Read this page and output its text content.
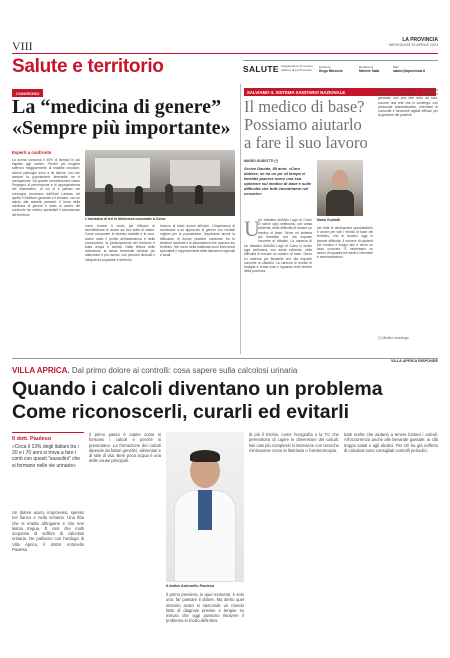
VIII	LA PROVINCIA
MERCOLEDÌ 19 APRILE 2023
Salute e territorio	SALUTE Supplemento al numero odierno di La Provincia
Direttore
Diego Minonzio
Redazione
Michele Sada
Mail
salute@laprovincia.it
CONVEGNO
La “medicina di genere”
«Sempre più importante»
Esperti a confronto
La donna consuma il 40% di farmaci in più rispetto agli uomini. Perché più longeve soffrono maggiormente di malattie croniche, alcune patologie sono a lei tipiche, ma non sempre la popolazione femminile ne è consapevole. Da queste considerazioni nasce l'impegno di prevenzione e di appropriatezza nel trattamento, di cui si è parlato nel convegno promosso dall'Asst Lariana. Ad aprirlo il Direttore generale e il sindaco, con un saluto alle autorità presenti. Il tema della medicina di genere è stato al centro del confronto tra medici, specialisti e associazioni del territorio.
L'iniziativa di ieri in biblioteca comunale a Como
come trovare il modo più efficace di sensibilizzare le donne sul loro stato di salute. Come conoscere le diverse malattie e le cure, anche sotto il profilo dell'assistenza e della prevenzione, la partecipazione del territorio è stata ampia e sentita. Dalla lettura delle indicazioni, la salute femminile richiede più attenzione e più risorse, con percorsi dedicati e integrati tra ospedale e territorio.
fotocon di tanto dolore all'inizio. L'importanza di avvicinarsi a un approccio di genere con risultati migliori per la popolazione. Importante anche la diffusione di buone pratiche condivise tra le strutture sanitarie e le associazioni che operano sul territorio. Nel corso della mattinata sono intervenuti specialisti e rappresentanti delle istituzioni regionali e locali.
SALVIAMO IL SISTEMA SANITARIO NAZIONALE
Il medico di base?
Possiamo aiutarlo
a fare il suo lavoro
MARIO GUIDOTTI (*)
Scrive Davide, 59 anni: «Caro dottore, se ha un po' di tempo ci farebbe piacere avere una sua opinione sul medico di base e sulle difficoltà che tutti incontriamo nel cercarlo»
U
Un cittadino dell'Alto Lago di Como ci scrive ogni settimana, con ansia evidente, della difficoltà di trovare un medico di base. Serve un sistema più flessibile che dia risposte concrete ai cittadini. La carenza di
Un cittadino dell'Alto Lago di Como ci scrive ogni settimana, con ansia evidente, della difficoltà di trovare un medico di base. Serve un sistema più flessibile che dia risposte concrete ai cittadini. La carenza di medici di famiglia è ormai nota e riguarda molti territori della provincia.
Mario Guidotti
per tutte le declinazioni specialistiche e anche per tutti i medici di base del territorio, che si trovano oggi in grande difficoltà. Il numero di pazienti per medico è troppo alto e serve un aiuto concreto. È necessario un lavoro di squadra tra medici, infermieri e amministrazioni.
Uno tanto del contributo dei medici in questi anni. Il medico di medicina generale non può fare tutto da solo: occorre una rete che lo sostenga, con personale amministrativo, infermieri di comunità e strumenti digitali efficaci per la gestione dei pazienti.
(*) Medico neurologo
VILLA APRICA RISPONDE
VILLA APRICA. Dal primo dolore ai controlli: cosa sapere sulla calcolosi urinaria
Quando i calcoli diventano un problema
Come riconoscerli, curarli ed evitarli
Il dott. Pauleso
«Circa il 13% degli italiani tra i 20 e i 70 anni si trova a fare i conti con questi “sassolini” che si formano nelle vie urinarie»
Un dolore acuto, improvviso, spesso nel fianco e nella schiena. Una fitta che si irradia all'inguine e che non lascia tregua. È così che molti scoprono di soffrire di calcolosi urinaria. Ne parliamo con l'urologo di Villa Aprica, il dottor Antonello Pauleso.
Il primo passo è capire come si formano i calcoli e perché si presentano. La formazione dei calcoli dipende da fattori genetici, alimentari e di stile di vita. Bere poca acqua è una delle cause principali.
Il dottor Antonello Pauleso
Il primo pensiero, in quei momenti, è solo uno: far passare il dolore. Ma dietro quel sintomo acuto si nasconde un mondo fatto di diagnosi precise e terapie su misura che oggi possono risolvere il problema in modo definitivo.
di più il rischio, come l'ecografia o la TC che permettono di capire le dimensioni dei calcoli. Nei casi più complessi si interviene con tecniche mininvasive come la litotrissia o l'ureteroscopia.
tutte scelte che aiutano a tenere lontani i calcoli. All'occorrenza anche alle bevande gassate, ai cibi troppo salati e agli alcolici. Per chi ha già sofferto di calcolosi sono consigliati controlli periodici.
